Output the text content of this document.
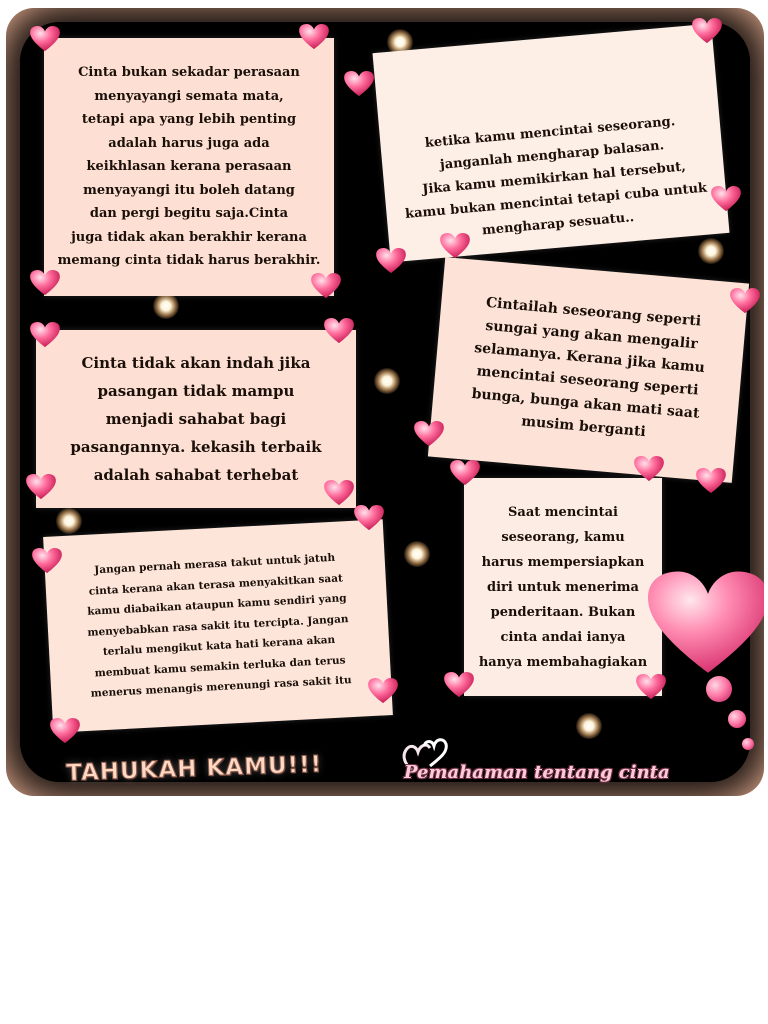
Cinta bukan sekadar perasaan
menyayangi semata mata,
tetapi apa yang lebih penting
adalah harus juga ada
keikhlasan kerana perasaan
menyayangi itu boleh datang
dan pergi begitu saja.Cinta
juga tidak akan berakhir kerana
memang cinta tidak harus berakhir.

ketika kamu mencintai seseorang.
janganlah mengharap balasan.
Jika kamu memikirkan hal tersebut,
kamu bukan mencintai tetapi cuba untuk
mengharap sesuatu..

Cintailah seseorang seperti
sungai yang akan mengalir
selamanya. Kerana jika kamu
mencintai seseorang seperti
bunga, bunga akan mati saat
musim berganti

Cinta tidak akan indah jika
pasangan tidak mampu
menjadi sahabat bagi
pasangannya. kekasih terbaik
adalah sahabat terhebat

Jangan pernah merasa takut untuk jatuh
cinta kerana akan terasa menyakitkan saat
kamu diabaikan ataupun kamu sendiri yang
menyebabkan rasa sakit itu tercipta. Jangan
terlalu mengikut kata hati kerana akan
membuat kamu semakin terluka dan terus
menerus menangis merenungi rasa sakit itu

Saat mencintai
seseorang, kamu
harus mempersiapkan
diri untuk menerima
penderitaan. Bukan
cinta andai ianya
hanya membahagiakan

TAHUKAH KAMU!!!	Pemahaman tentang cinta
